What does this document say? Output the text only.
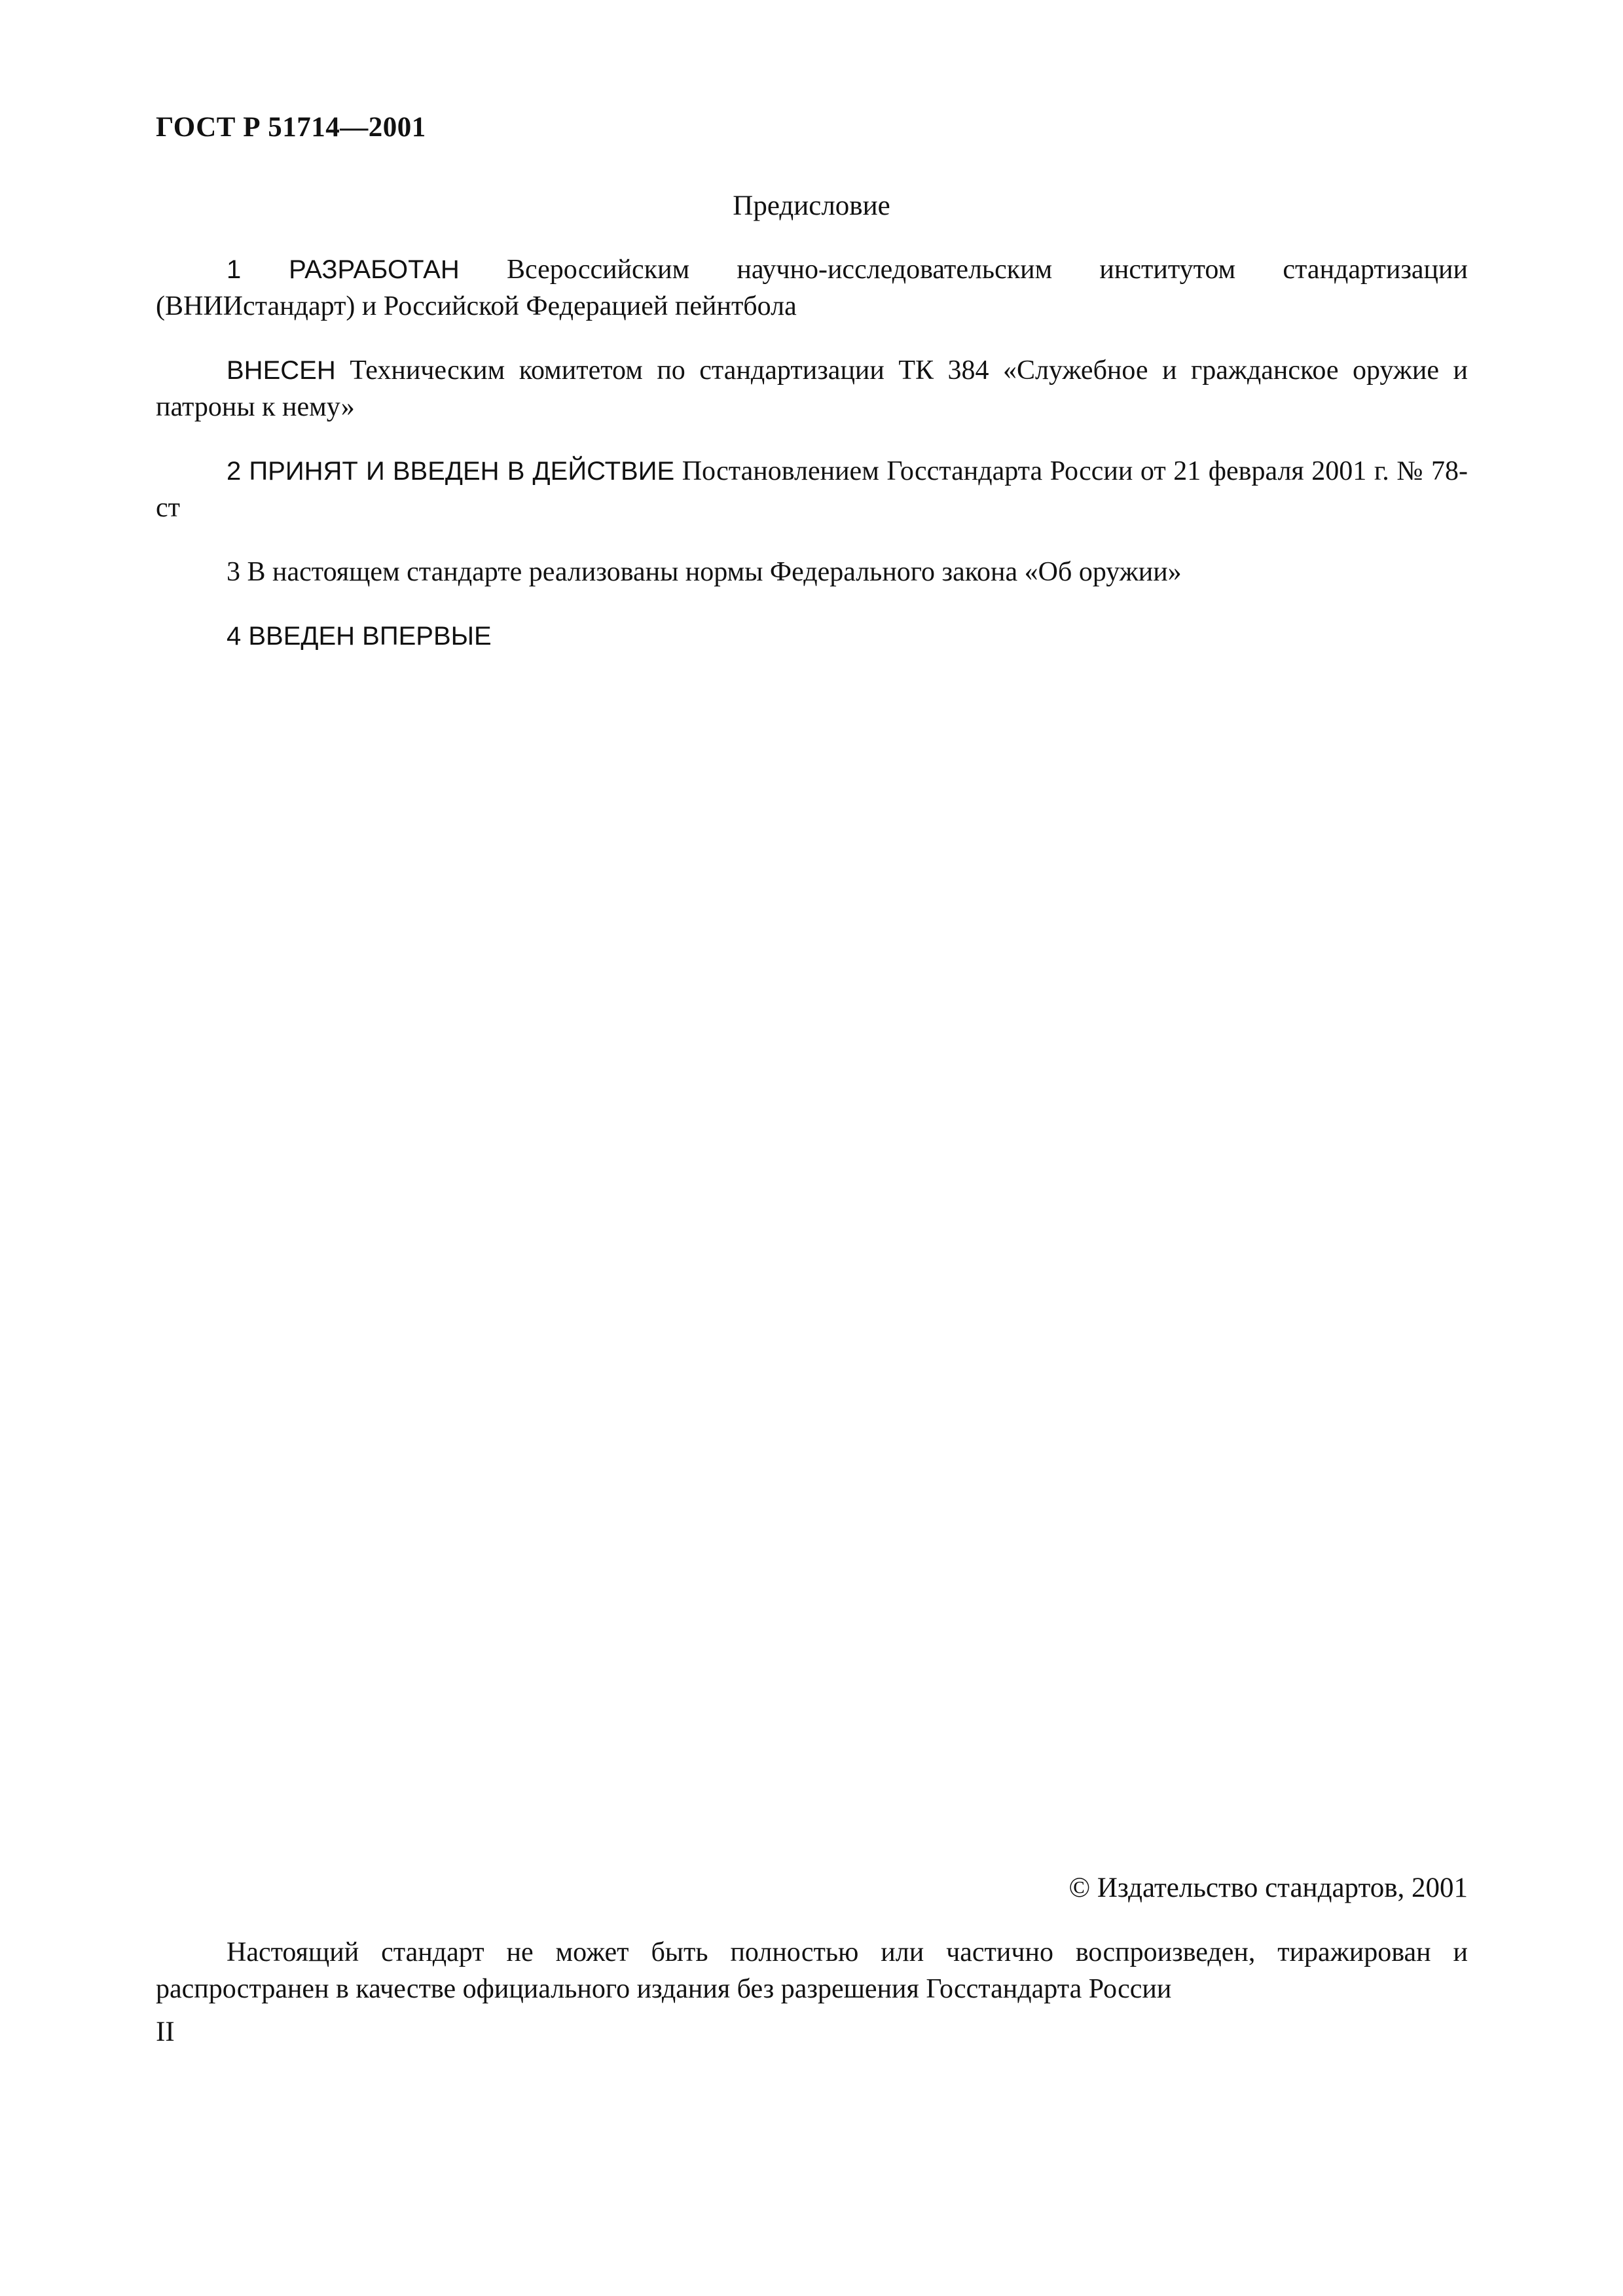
ГОСТ Р 51714—2001
Предисловие

1 РАЗРАБОТАН Всероссийским научно-исследовательским институтом стандартизации (ВНИИстандарт) и Российской Федерацией пейнтбола

ВНЕСЕН Техническим комитетом по стандартизации ТК 384 «Служебное и гражданское оружие и патроны к нему»

2 ПРИНЯТ И ВВЕДЕН В ДЕЙСТВИЕ Постановлением Госстандарта России от 21 февраля 2001 г. № 78-ст

3 В настоящем стандарте реализованы нормы Федерального закона «Об оружии»

4 ВВЕДЕН ВПЕРВЫЕ

© Издательство стандартов, 2001

Настоящий стандарт не может быть полностью или частично воспроизведен, тиражирован и распространен в качестве официального издания без разрешения Госстандарта России

II
